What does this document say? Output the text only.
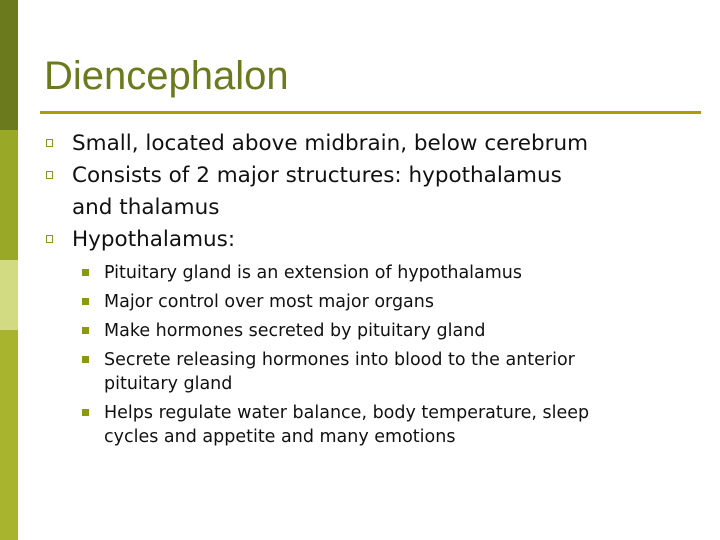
Diencephalon
Small, located above midbrain, below cerebrum
Consists of 2 major structures: hypothalamus
and thalamus
Hypothalamus:
Pituitary gland is an extension of hypothalamus
Major control over most major organs
Make hormones secreted by pituitary gland
Secrete releasing hormones into blood to the anterior
pituitary gland
Helps regulate water balance, body temperature, sleep
cycles and appetite and many emotions
